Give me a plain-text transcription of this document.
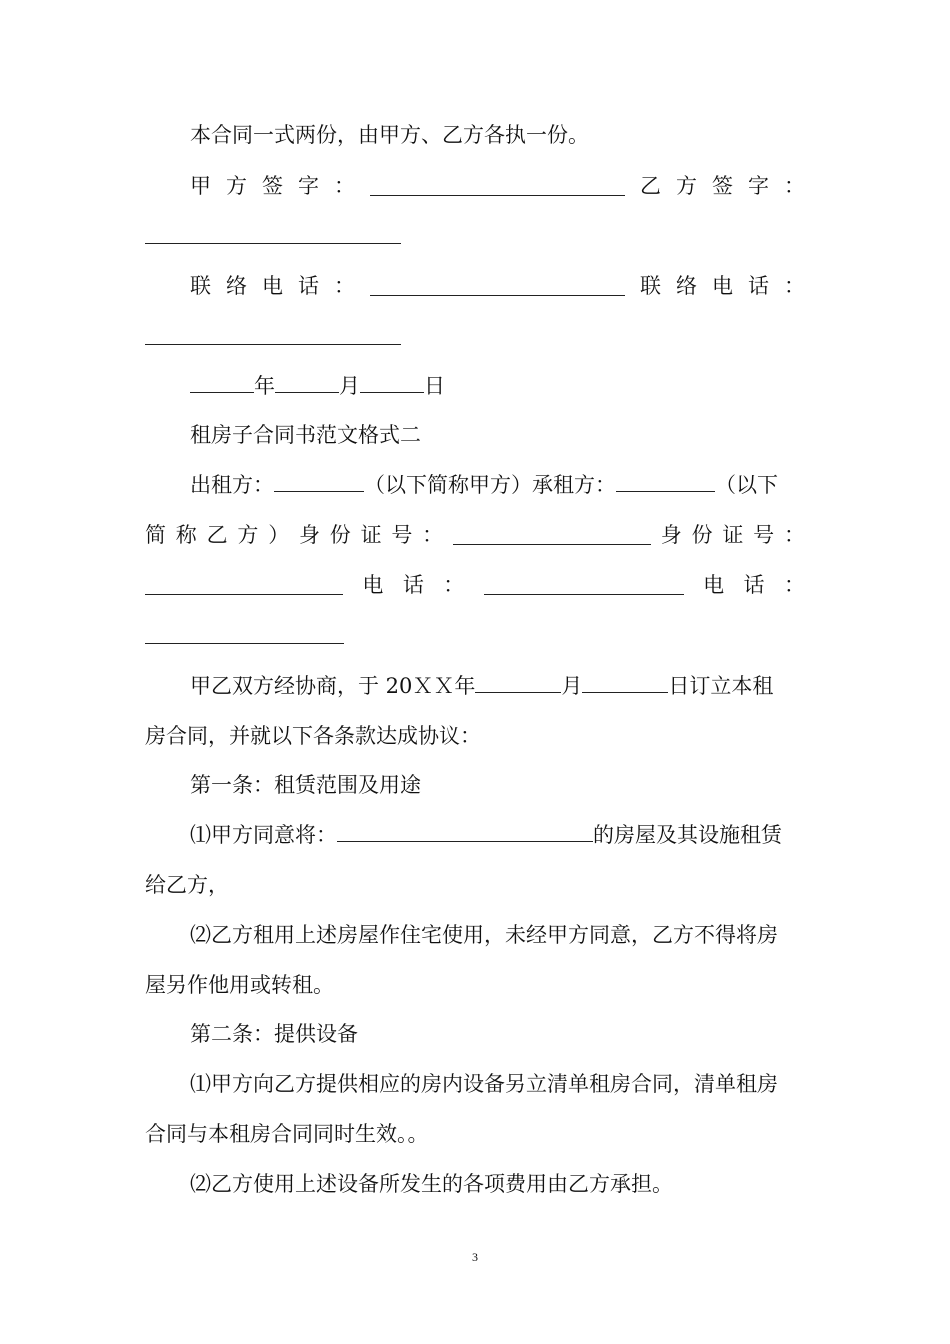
本合同一式两份，由甲方、乙方各执一份。
甲 方 签 字 ：	乙 方 签 字 ：
联 络 电 话 ：	联 络 电 话 ：
年	月	日
租房子合同书范文格式二
出租方：	（以下简称甲方）承租方：	（以下
简 称 乙 方 ） 身 份 证 号 ：	身 份 证 号 ：
电 话 ：	电 话 ：
甲乙双方经协商，于 20ＸＸ年	月	日订立本租
房合同，并就以下各条款达成协议：
第一条：租赁范围及用途
⑴甲方同意将：	的房屋及其设施租赁
给乙方，
⑵乙方租用上述房屋作住宅使用，未经甲方同意，乙方不得将房
屋另作他用或转租。
第二条：提供设备
⑴甲方向乙方提供相应的房内设备另立清单租房合同，清单租房
合同与本租房合同同时生效。。
⑵乙方使用上述设备所发生的各项费用由乙方承担。
3
